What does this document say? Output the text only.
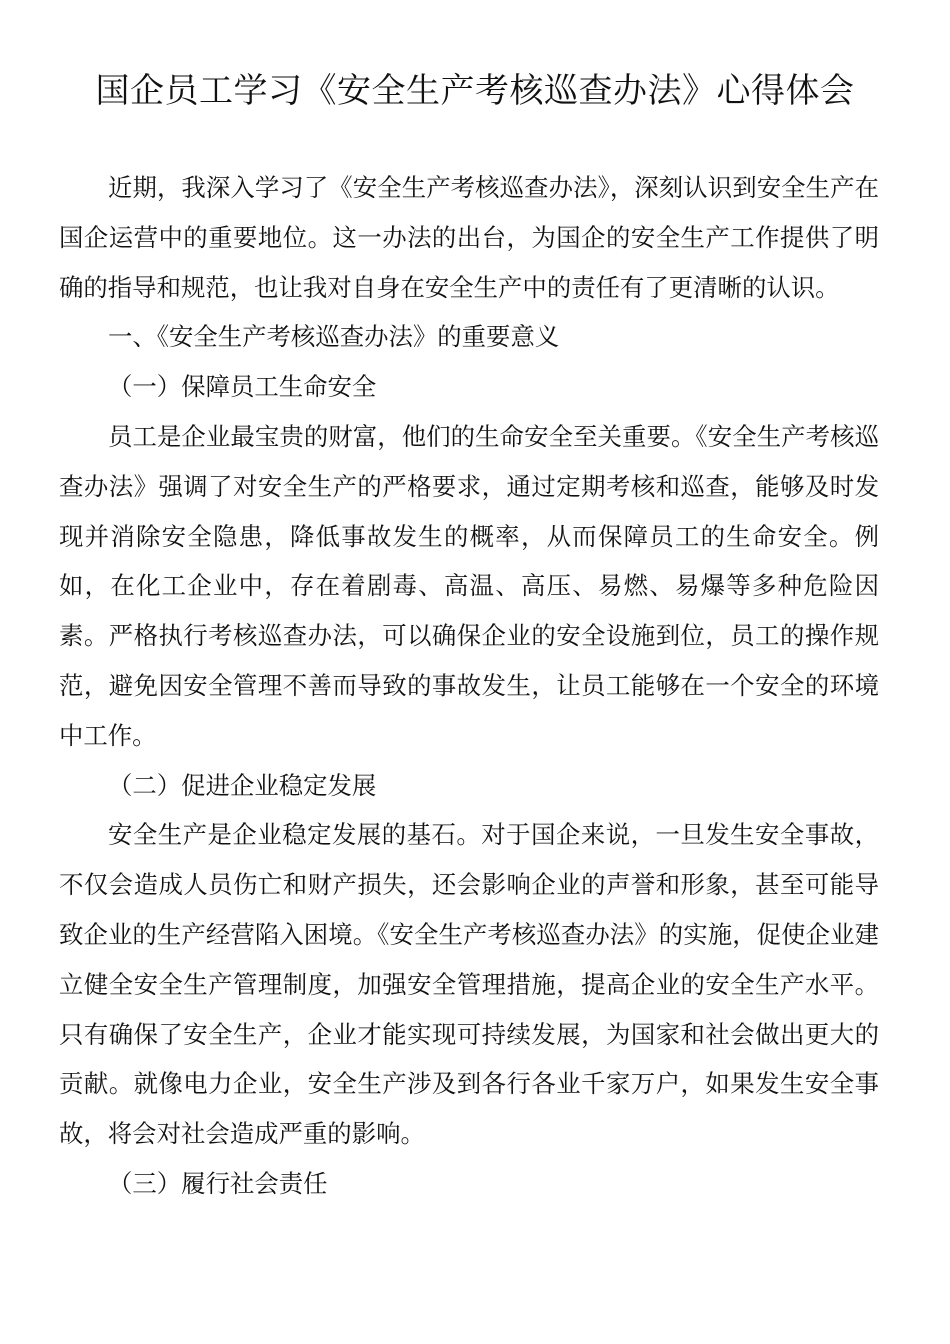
国企员工学习《安全生产考核巡查办法》心得体会

近期，我深入学习了《安全生产考核巡查办法》，深刻认识到安全生产在国企运营中的重要地位。这一办法的出台，为国企的安全生产工作提供了明确的指导和规范，也让我对自身在安全生产中的责任有了更清晰的认识。

一、《安全生产考核巡查办法》的重要意义

（一）保障员工生命安全

员工是企业最宝贵的财富，他们的生命安全至关重要。《安全生产考核巡查办法》强调了对安全生产的严格要求，通过定期考核和巡查，能够及时发现并消除安全隐患，降低事故发生的概率，从而保障员工的生命安全。例如，在化工企业中，存在着剧毒、高温、高压、易燃、易爆等多种危险因素。严格执行考核巡查办法，可以确保企业的安全设施到位，员工的操作规范，避免因安全管理不善而导致的事故发生，让员工能够在一个安全的环境中工作。

（二）促进企业稳定发展

安全生产是企业稳定发展的基石。对于国企来说，一旦发生安全事故，不仅会造成人员伤亡和财产损失，还会影响企业的声誉和形象，甚至可能导致企业的生产经营陷入困境。《安全生产考核巡查办法》的实施，促使企业建立健全安全生产管理制度，加强安全管理措施，提高企业的安全生产水平。只有确保了安全生产，企业才能实现可持续发展，为国家和社会做出更大的贡献。就像电力企业，安全生产涉及到各行各业千家万户，如果发生安全事故，将会对社会造成严重的影响。

（三）履行社会责任
